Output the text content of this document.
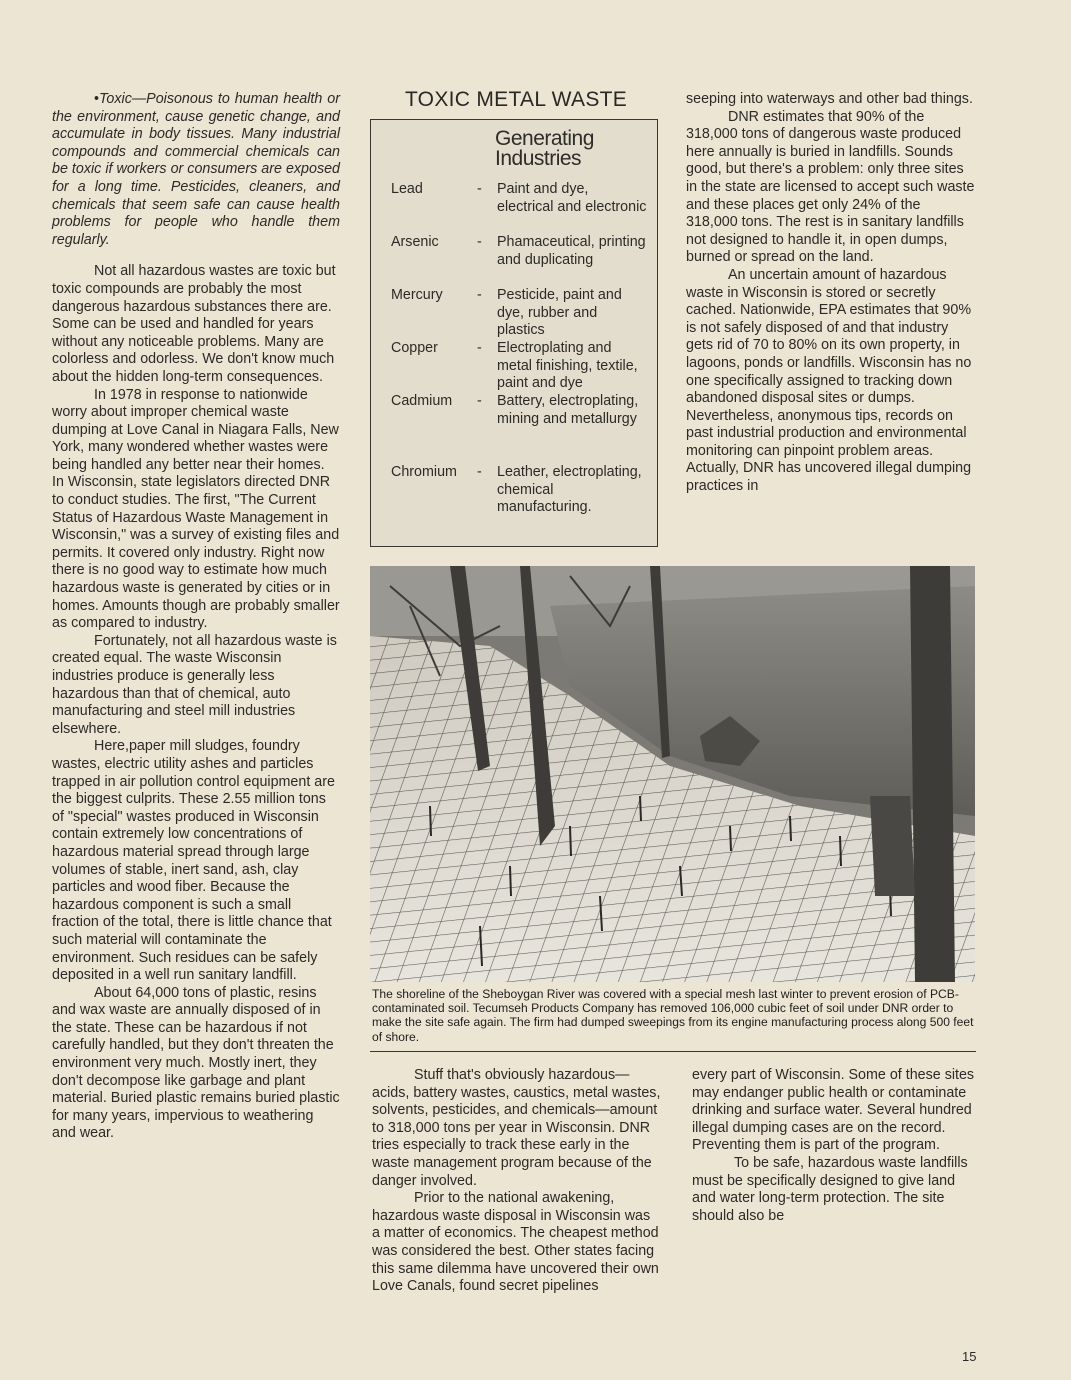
•Toxic—Poisonous to human health or the environment, cause genetic change, and accumulate in body tissues. Many industrial compounds and commercial chemicals can be toxic if workers or consumers are exposed for a long time. Pesticides, cleaners, and chemicals that seem safe can cause health problems for people who handle them regularly.

Not all hazardous wastes are toxic but toxic compounds are probably the most dangerous hazardous substances there are. Some can be used and handled for years without any noticeable problems. Many are colorless and odorless. We don't know much about the hidden long-term consequences.

In 1978 in response to nationwide worry about improper chemical waste dumping at Love Canal in Niagara Falls, New York, many wondered whether wastes were being handled any better near their homes. In Wisconsin, state legislators directed DNR to conduct studies. The first, "The Current Status of Hazardous Waste Management in Wisconsin," was a survey of existing files and permits. It covered only industry. Right now there is no good way to estimate how much hazardous waste is generated by cities or in homes. Amounts though are probably smaller as compared to industry.

Fortunately, not all hazardous waste is created equal. The waste Wisconsin industries produce is generally less hazardous than that of chemical, auto manufacturing and steel mill industries elsewhere.

Here,paper mill sludges, foundry wastes, electric utility ashes and particles trapped in air pollution control equipment are the biggest culprits. These 2.55 million tons of "special" wastes produced in Wisconsin contain extremely low concentrations of hazardous material spread through large volumes of stable, inert sand, ash, clay particles and wood fiber. Because the hazardous component is such a small fraction of the total, there is little chance that such material will contaminate the environment. Such residues can be safely deposited in a well run sanitary landfill.

About 64,000 tons of plastic, resins and wax waste are annually disposed of in the state. These can be hazardous if not carefully handled, but they don't threaten the environment very much. Mostly inert, they don't decompose like garbage and plant material. Buried plastic remains buried plastic for many years, impervious to weathering and wear.

TOXIC METAL WASTE
Generating Industries
Lead	- Paint and dye, electrical and electronic
Arsenic	- Phamaceutical, printing and duplicating
Mercury - Pesticide, paint and dye, rubber and plastics
Copper	- Electroplating and metal finishing, textile, paint and dye
Cadmium - Battery, electroplating, mining and metallurgy
Chromium - Leather, electroplating, chemical manufacturing.

seeping into waterways and other bad things.

DNR estimates that 90% of the 318,000 tons of dangerous waste produced here annually is buried in landfills. Sounds good, but there's a problem: only three sites in the state are licensed to accept such waste and these places get only 24% of the 318,000 tons. The rest is in sanitary landfills not designed to handle it, in open dumps, burned or spread on the land.

An uncertain amount of hazardous waste in Wisconsin is stored or secretly cached. Nationwide, EPA estimates that 90% is not safely disposed of and that industry gets rid of 70 to 80% on its own property, in lagoons, ponds or landfills. Wisconsin has no one specifically assigned to tracking down abandoned disposal sites or dumps. Nevertheless, anonymous tips, records on past industrial production and environmental monitoring can pinpoint problem areas. Actually, DNR has uncovered illegal dumping practices in

The shoreline of the Sheboygan River was covered with a special mesh last winter to prevent erosion of PCB-contaminated soil. Tecumseh Products Company has removed 106,000 cubic feet of soil under DNR order to make the site safe again. The firm had dumped sweepings from its engine manufacturing process along 500 feet of shore.

Stuff that's obviously hazardous—acids, battery wastes, caustics, metal wastes, solvents, pesticides, and chemicals—amount to 318,000 tons per year in Wisconsin. DNR tries especially to track these early in the waste management program because of the danger involved.

Prior to the national awakening, hazardous waste disposal in Wisconsin was a matter of economics. The cheapest method was considered the best. Other states facing this same dilemma have uncovered their own Love Canals, found secret pipelines

every part of Wisconsin. Some of these sites may endanger public health or contaminate drinking and surface water. Several hundred illegal dumping cases are on the record. Preventing them is part of the program.

To be safe, hazardous waste landfills must be specifically designed to give land and water long-term protection. The site should also be

15
